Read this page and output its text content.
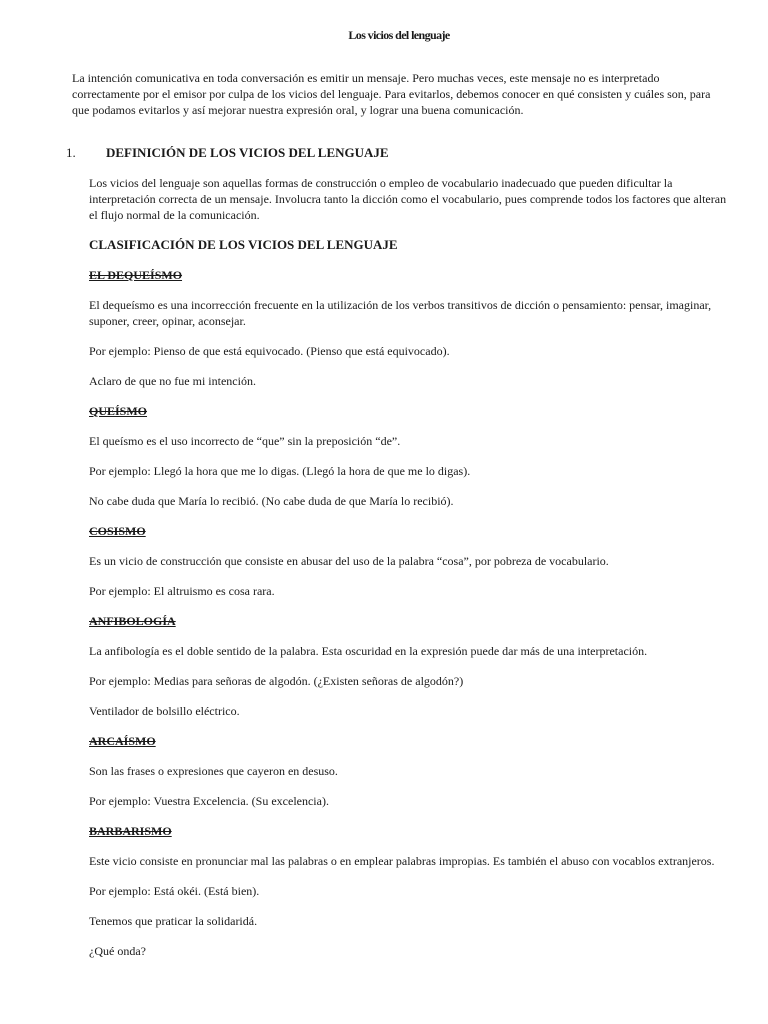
Los vicios del lenguaje

La intención comunicativa en toda conversación es emitir un mensaje. Pero muchas veces, este mensaje no es interpretado correctamente por el emisor por culpa de los vicios del lenguaje. Para evitarlos, debemos conocer en qué consisten y cuáles son, para que podamos evitarlos y así mejorar nuestra expresión oral, y lograr una buena comunicación.

1. DEFINICIÓN DE LOS VICIOS DEL LENGUAJE

Los vicios del lenguaje son aquellas formas de construcción o empleo de vocabulario inadecuado que pueden dificultar la interpretación correcta de un mensaje. Involucra tanto la dicción como el vocabulario, pues comprende todos los factores que alteran el flujo normal de la comunicación.

CLASIFICACIÓN DE LOS VICIOS DEL LENGUAJE
EL DEQUEÍSMO

El dequeísmo es una incorrección frecuente en la utilización de los verbos transitivos de dicción o pensamiento: pensar, imaginar, suponer, creer, opinar, aconsejar.

Por ejemplo: Pienso de que está equivocado. (Pienso que está equivocado).

Aclaro de que no fue mi intención.

QUEÍSMO

El queísmo es el uso incorrecto de “que” sin la preposición “de”.

Por ejemplo: Llegó la hora que me lo digas. (Llegó la hora de que me lo digas).

No cabe duda que María lo recibió. (No cabe duda de que María lo recibió).

COSISMO

Es un vicio de construcción que consiste en abusar del uso de la palabra “cosa”, por pobreza de vocabulario.

Por ejemplo: El altruismo es cosa rara.

ANFIBOLOGÍA

La anfibología es el doble sentido de la palabra. Esta oscuridad en la expresión puede dar más de una interpretación.

Por ejemplo: Medias para señoras de algodón. (¿Existen señoras de algodón?)

Ventilador de bolsillo eléctrico.

ARCAÍSMO

Son las frases o expresiones que cayeron en desuso.

Por ejemplo: Vuestra Excelencia. (Su excelencia).

BARBARISMO

Este vicio consiste en pronunciar mal las palabras o en emplear palabras impropias. Es también el abuso con vocablos extranjeros.

Por ejemplo: Está okéi. (Está bien).

Tenemos que praticar la solidaridá.

¿Qué onda?
